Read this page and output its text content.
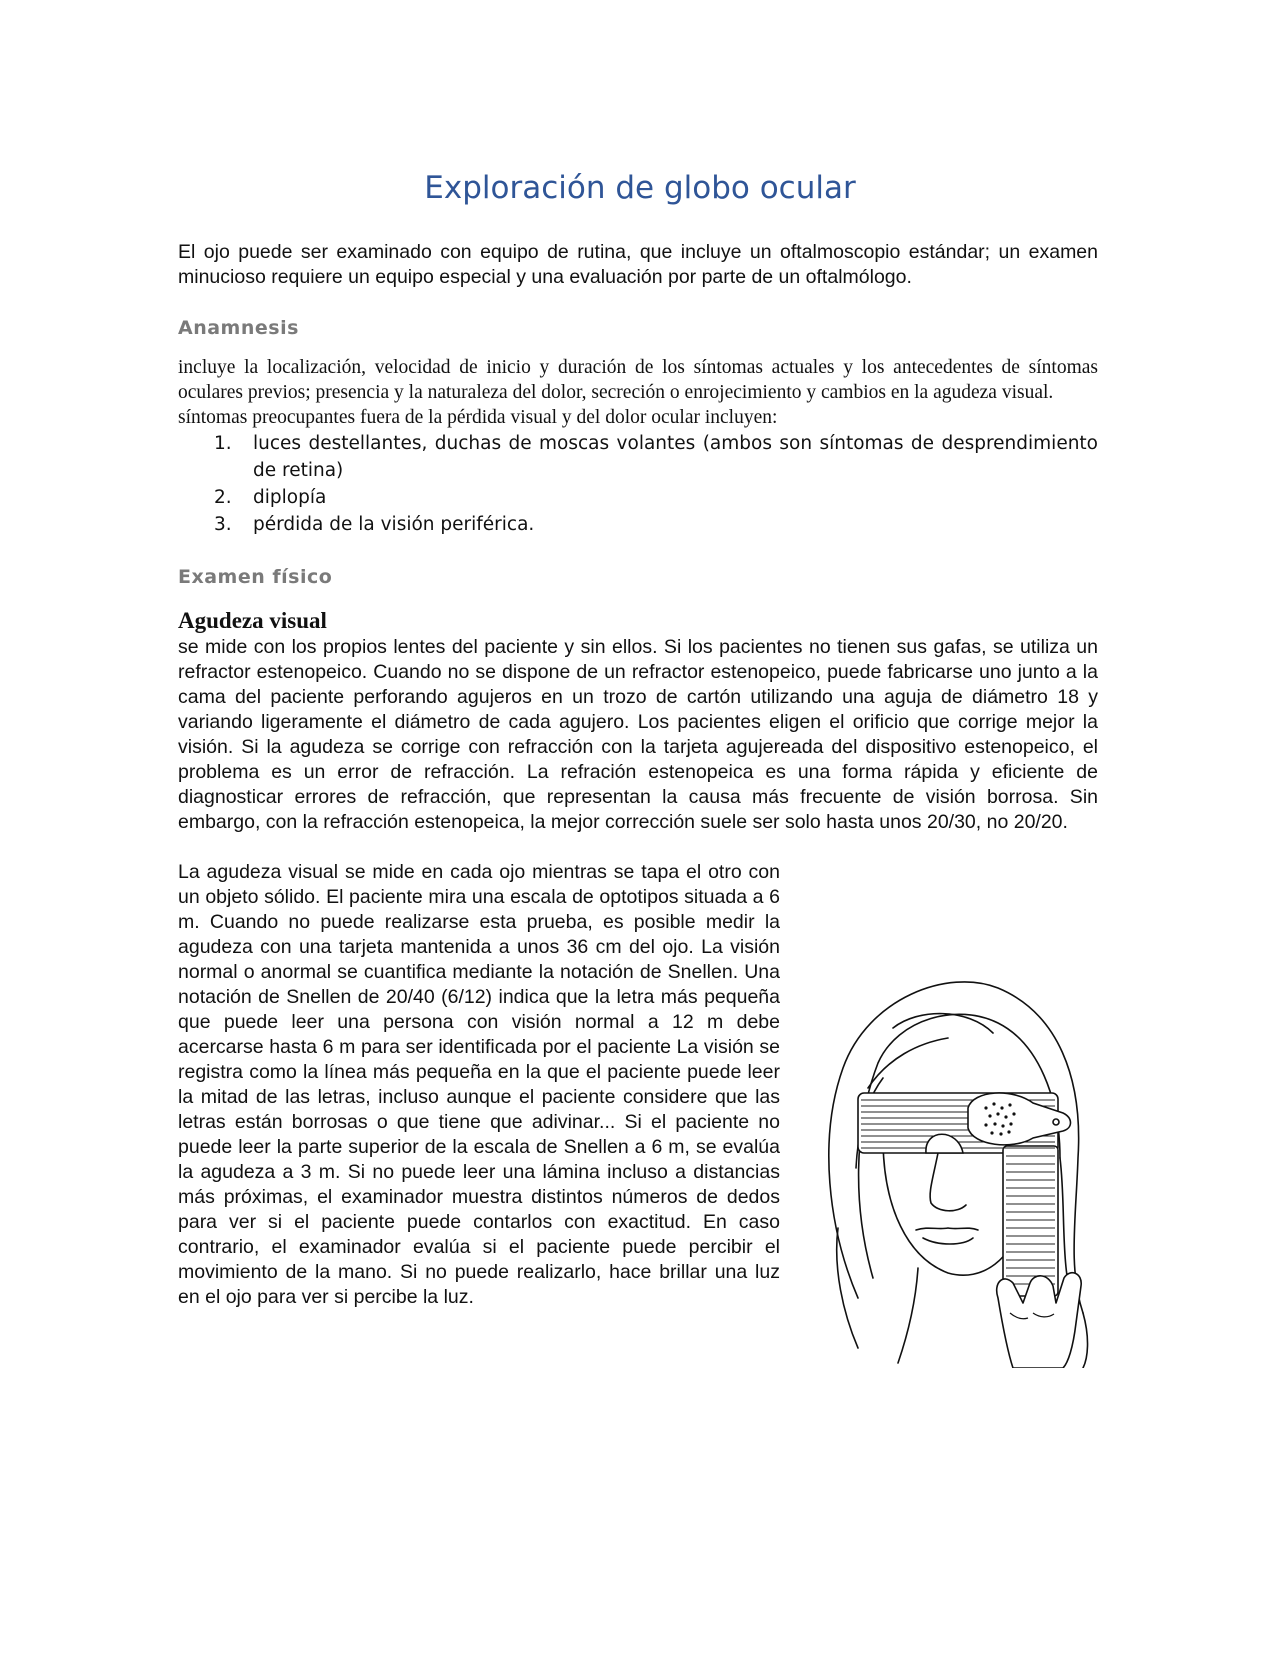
Exploración de globo ocular

El ojo puede ser examinado con equipo de rutina, que incluye un oftalmoscopio estándar; un examen minucioso requiere un equipo especial y una evaluación por parte de un oftalmólogo.

Anamnesis

incluye la localización, velocidad de inicio y duración de los síntomas actuales y los antecedentes de síntomas oculares previos; presencia y la naturaleza del dolor, secreción o enrojecimiento y cambios en la agudeza visual.

síntomas preocupantes fuera de la pérdida visual y del dolor ocular incluyen:

1. luces destellantes, duchas de moscas volantes (ambos son síntomas de desprendimiento de retina)
2. diplopía
3. pérdida de la visión periférica.
Examen físico
Agudeza visual

se mide con los propios lentes del paciente y sin ellos. Si los pacientes no tienen sus gafas, se utiliza un refractor estenopeico. Cuando no se dispone de un refractor estenopeico, puede fabricarse uno junto a la cama del paciente perforando agujeros en un trozo de cartón utilizando una aguja de diámetro 18 y variando ligeramente el diámetro de cada agujero. Los pacientes eligen el orificio que corrige mejor la visión. Si la agudeza se corrige con refracción con la tarjeta agujereada del dispositivo estenopeico, el problema es un error de refracción. La refración estenopeica es una forma rápida y eficiente de diagnosticar errores de refracción, que representan la causa más frecuente de visión borrosa. Sin embargo, con la refracción estenopeica, la mejor corrección suele ser solo hasta unos 20/30, no 20/20.

La agudeza visual se mide en cada ojo mientras se tapa el otro con un objeto sólido. El paciente mira una escala de optotipos situada a 6 m. Cuando no puede realizarse esta prueba, es posible medir la agudeza con una tarjeta mantenida a unos 36 cm del ojo. La visión normal o anormal se cuantifica mediante la notación de Snellen. Una notación de Snellen de 20/40 (6/12) indica que la letra más pequeña que puede leer una persona con visión normal a 12 m debe acercarse hasta 6 m para ser identificada por el paciente La visión se registra como la línea más pequeña en la que el paciente puede leer la mitad de las letras, incluso aunque el paciente considere que las letras están borrosas o que tiene que adivinar... Si el paciente no puede leer la parte superior de la escala de Snellen a 6 m, se evalúa la agudeza a 3 m. Si no puede leer una lámina incluso a distancias más próximas, el examinador muestra distintos números de dedos para ver si el paciente puede contarlos con exactitud. En caso contrario, el examinador evalúa si el paciente puede percibir el movimiento de la mano. Si no puede realizarlo, hace brillar una luz en el ojo para ver si percibe la luz.
